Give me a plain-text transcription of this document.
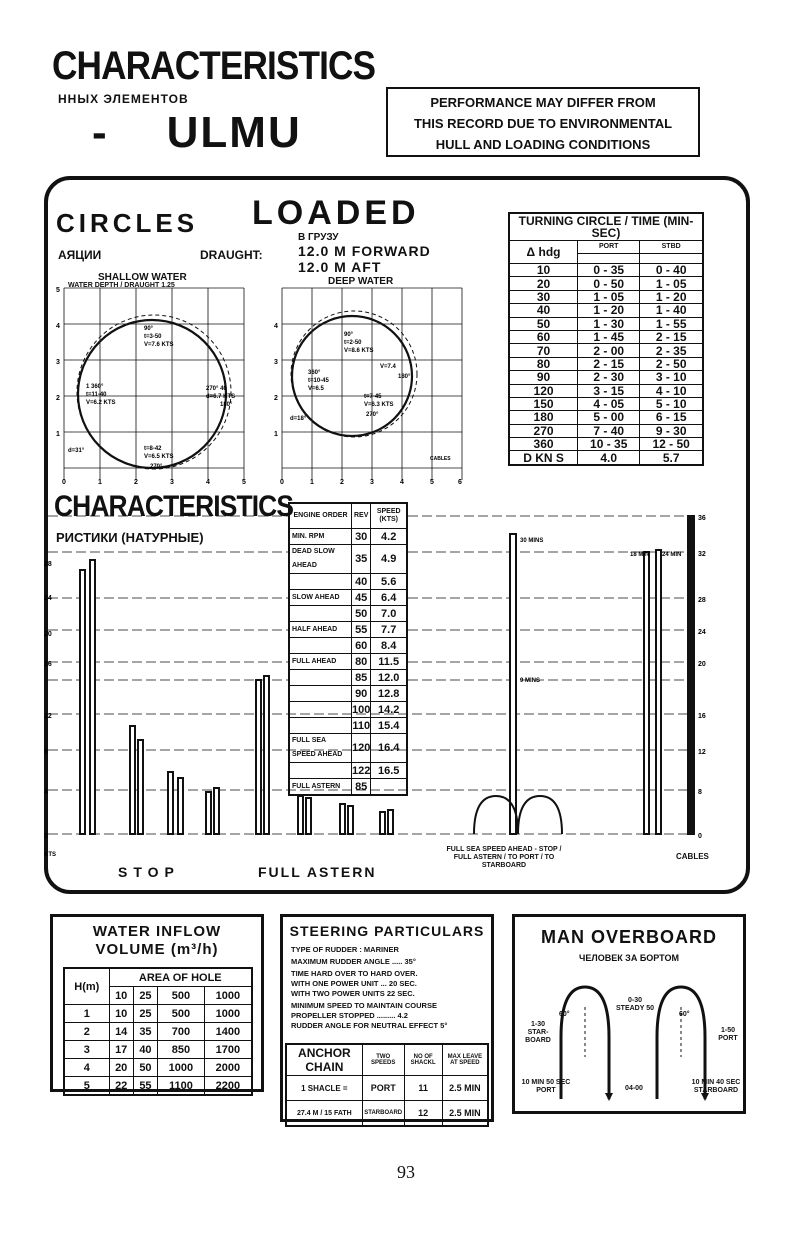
CHARACTERISTICS
ННЫХ ЭЛЕМЕНТОВ
- ULMU
PERFORMANCE MAY DIFFER FROM
THIS RECORD DUE TO ENVIRONMENTAL
HULL AND LOADING CONDITIONS
CIRCLES LOADED
В ГРУЗУ
АЯЦИИ	DRAUGHT:	12.0 M FORWARD
12.0 M AFT
DEEP WATER
SHALLOW WATER
WATER DEPTH / DRAUGHT 1.25
90°
t=3-50
V=7.6 KTS
1 360°
t=11-40
V=6.2 KTS
270° 40
d=6.7 KTS
180°
t=8-42
V=6.5 KTS
270°
d=31°
90°
t=2-50
V=8.6 KTS
360°
t=10-45
V=6.5
180°
V=7.4
t=7-45
V=6.3 KTS
270°
d=18°
5
4
3
2
1
4
3
2
1
0	1	2	3	4	5	0	1	2	3	4	5	6
CABLES
TURNING CIRCLE / TIME (MIN-SEC)		
Δ hdg	PORT	STBD

10	0 - 35	0 - 40
20	0 - 50	1 - 05
30	1 - 05	1 - 20
40	1 - 20	1 - 40
50	1 - 30	1 - 55
60	1 - 45	2 - 15
70	2 - 00	2 - 35
80	2 - 15	2 - 50
90	2 - 30	3 - 10
120	3 - 15	4 - 10
150	4 - 05	5 - 10
180	5 - 00	6 - 15
270	7 - 40	9 - 30
360	10 - 35	12 - 50
D KN S	4.0	5.7
CHARACTERISTICS
РИСТИКИ (НАТУРНЫЕ)
28
24
20
16
12
8
4
0
36
32
28
24
20
16
12
8
0
30 MINS
9 MINS
18 MIN 24 MIN
KTS
ENGINE ORDER	REV	SPEED (KTS)
MIN. RPM	30	4.2
DEAD SLOW AHEAD	35	4.9
	40	5.6
SLOW AHEAD	45	6.4
	50	7.0
HALF AHEAD	55	7.7
	60	8.4
FULL AHEAD	80	11.5
	85	12.0
	90	12.8
	100	14.2
	110	15.4
FULL SEA SPEED AHEAD	120	16.4
	122	16.5
FULL ASTERN	85	
STOP	FULL ASTERN
CABLES
FULL SEA SPEED AHEAD - STOP / FULL ASTERN / TO PORT / TO STARBOARD
WATER INFLOW
VOLUME (m³/h)
H(m)	AREA OF HOLE			
	10	25	500	1000
1	10	25	500	1000
2	14	35	700	1400
3	17	40	850	1700
4	20	50	1000	2000
5	22	55	1100	2200
STEERING PARTICULARS
TYPE OF RUDDER : MARINER
MAXIMUM RUDDER ANGLE ..... 35°
TIME HARD OVER TO HARD OVER.
WITH ONE POWER UNIT ... 20 SEC.
WITH TWO POWER UNITS 22 SEC.
MINIMUM SPEED TO MAINTAIN COURSE
PROPELLER STOPPED ......... 4.2
RUDDER ANGLE FOR NEUTRAL EFFECT 5°
ANCHOR CHAIN	TWO SPEEDS	NO OF SHACKL	MAX LEAVE AT SPEED
1 SHACLE =	PORT	11	2.5 MIN
27.4 M / 15 FATH	STARBOARD	12	2.5 MIN
MAN OVERBOARD
ЧЕЛОВЕК ЗА БОРТОМ
60°	60°
0-30 STEADY 50
1-30 STAR-BOARD
1-50 PORT
10 MIN 50 SEC PORT	04-00
10 MIN 40 SEC STARBOARD
93
